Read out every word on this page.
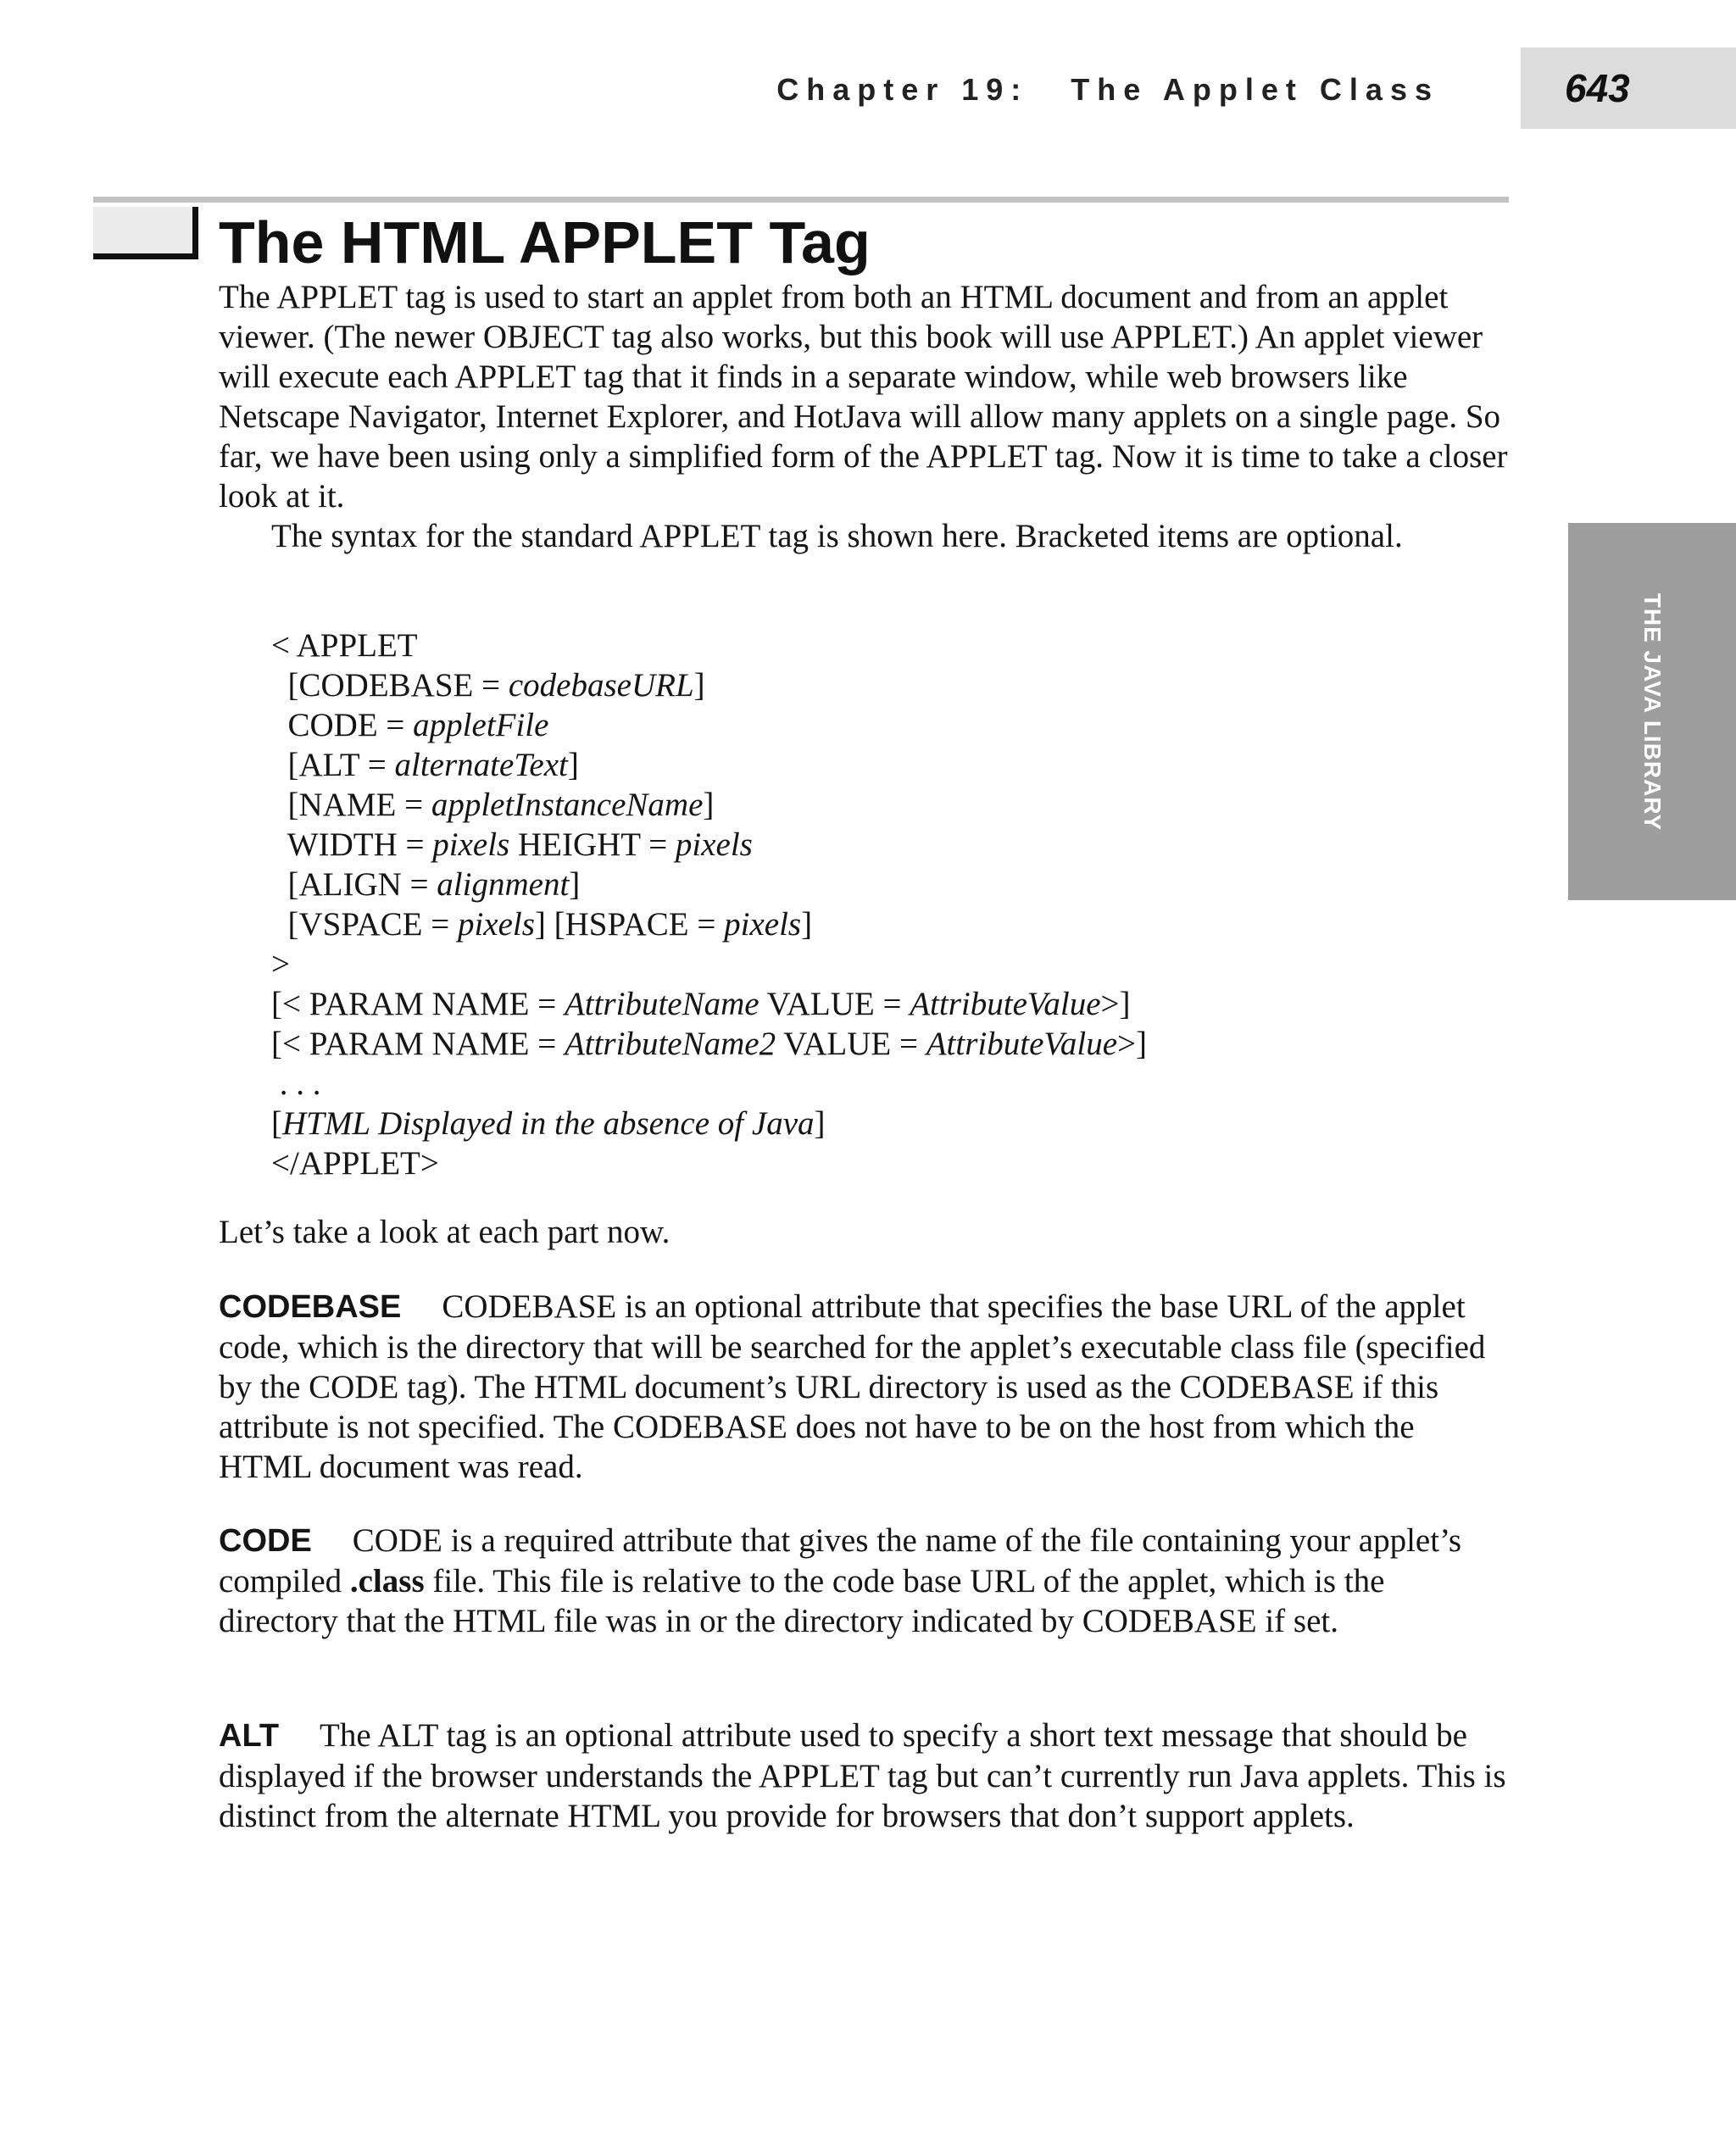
Chapter 19: The Applet Class	643
The HTML APPLET Tag
THE JAVA LIBRARY

The APPLET tag is used to start an applet from both an HTML document and from an applet viewer. (The newer OBJECT tag also works, but this book will use APPLET.) An applet viewer will execute each APPLET tag that it finds in a separate window, while web browsers like Netscape Navigator, Internet Explorer, and HotJava will allow many applets on a single page. So far, we have been using only a simplified form of the APPLET tag. Now it is time to take a closer look at it.

The syntax for the standard APPLET tag is shown here. Bracketed items are optional.

< APPLET
[CODEBASE = codebaseURL]
CODE = appletFile
[ALT = alternateText]
[NAME = appletInstanceName]
WIDTH = pixels HEIGHT = pixels
[ALIGN = alignment]
[VSPACE = pixels] [HSPACE = pixels]
>
[< PARAM NAME = AttributeName VALUE = AttributeValue>]
[< PARAM NAME = AttributeName2 VALUE = AttributeValue>]
. . .
[HTML Displayed in the absence of Java]
</APPLET>

Let’s take a look at each part now.

CODEBASE CODEBASE is an optional attribute that specifies the base URL of the applet code, which is the directory that will be searched for the applet’s executable class file (specified by the CODE tag). The HTML document’s URL directory is used as the CODEBASE if this attribute is not specified. The CODEBASE does not have to be on the host from which the HTML document was read.

CODE CODE is a required attribute that gives the name of the file containing your applet’s compiled .class file. This file is relative to the code base URL of the applet, which is the directory that the HTML file was in or the directory indicated by CODEBASE if set.

ALT The ALT tag is an optional attribute used to specify a short text message that should be displayed if the browser understands the APPLET tag but can’t currently run Java applets. This is distinct from the alternate HTML you provide for browsers that don’t support applets.
